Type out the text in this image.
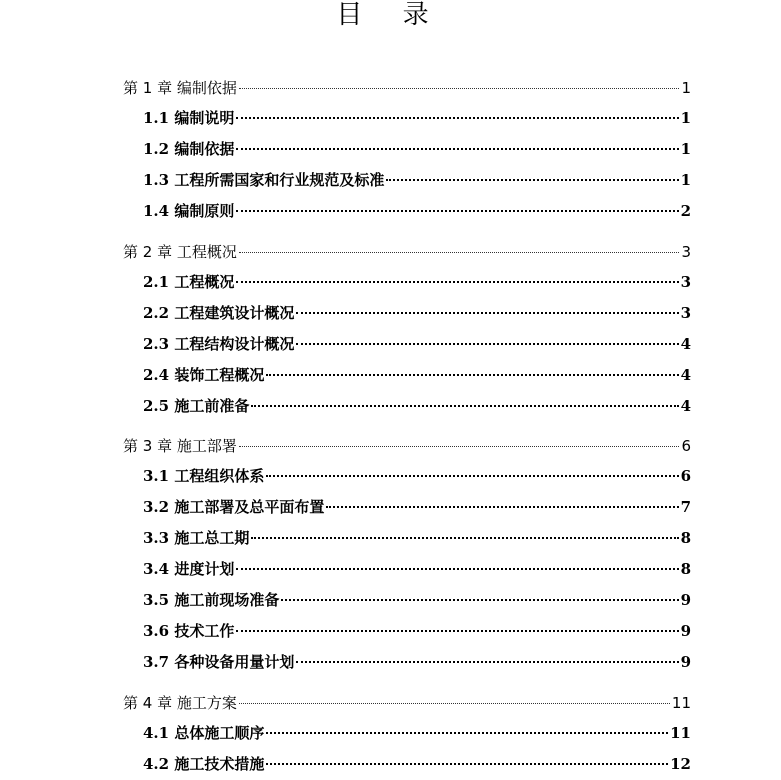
目 录
第 1 章 编制依据	1
1.1 编制说明	1
1.2 编制依据	1
1.3 工程所需国家和行业规范及标准	1
1.4 编制原则	2
第 2 章 工程概况	3
2.1 工程概况	3
2.2 工程建筑设计概况	3
2.3 工程结构设计概况	4
2.4 装饰工程概况	4
2.5 施工前准备	4
第 3 章 施工部署	6
3.1 工程组织体系	6
3.2 施工部署及总平面布置	7
3.3 施工总工期	8
3.4 进度计划	8
3.5 施工前现场准备	9
3.6 技术工作	9
3.7 各种设备用量计划	9
第 4 章 施工方案	11
4.1 总体施工顺序	11
4.2 施工技术措施	12
